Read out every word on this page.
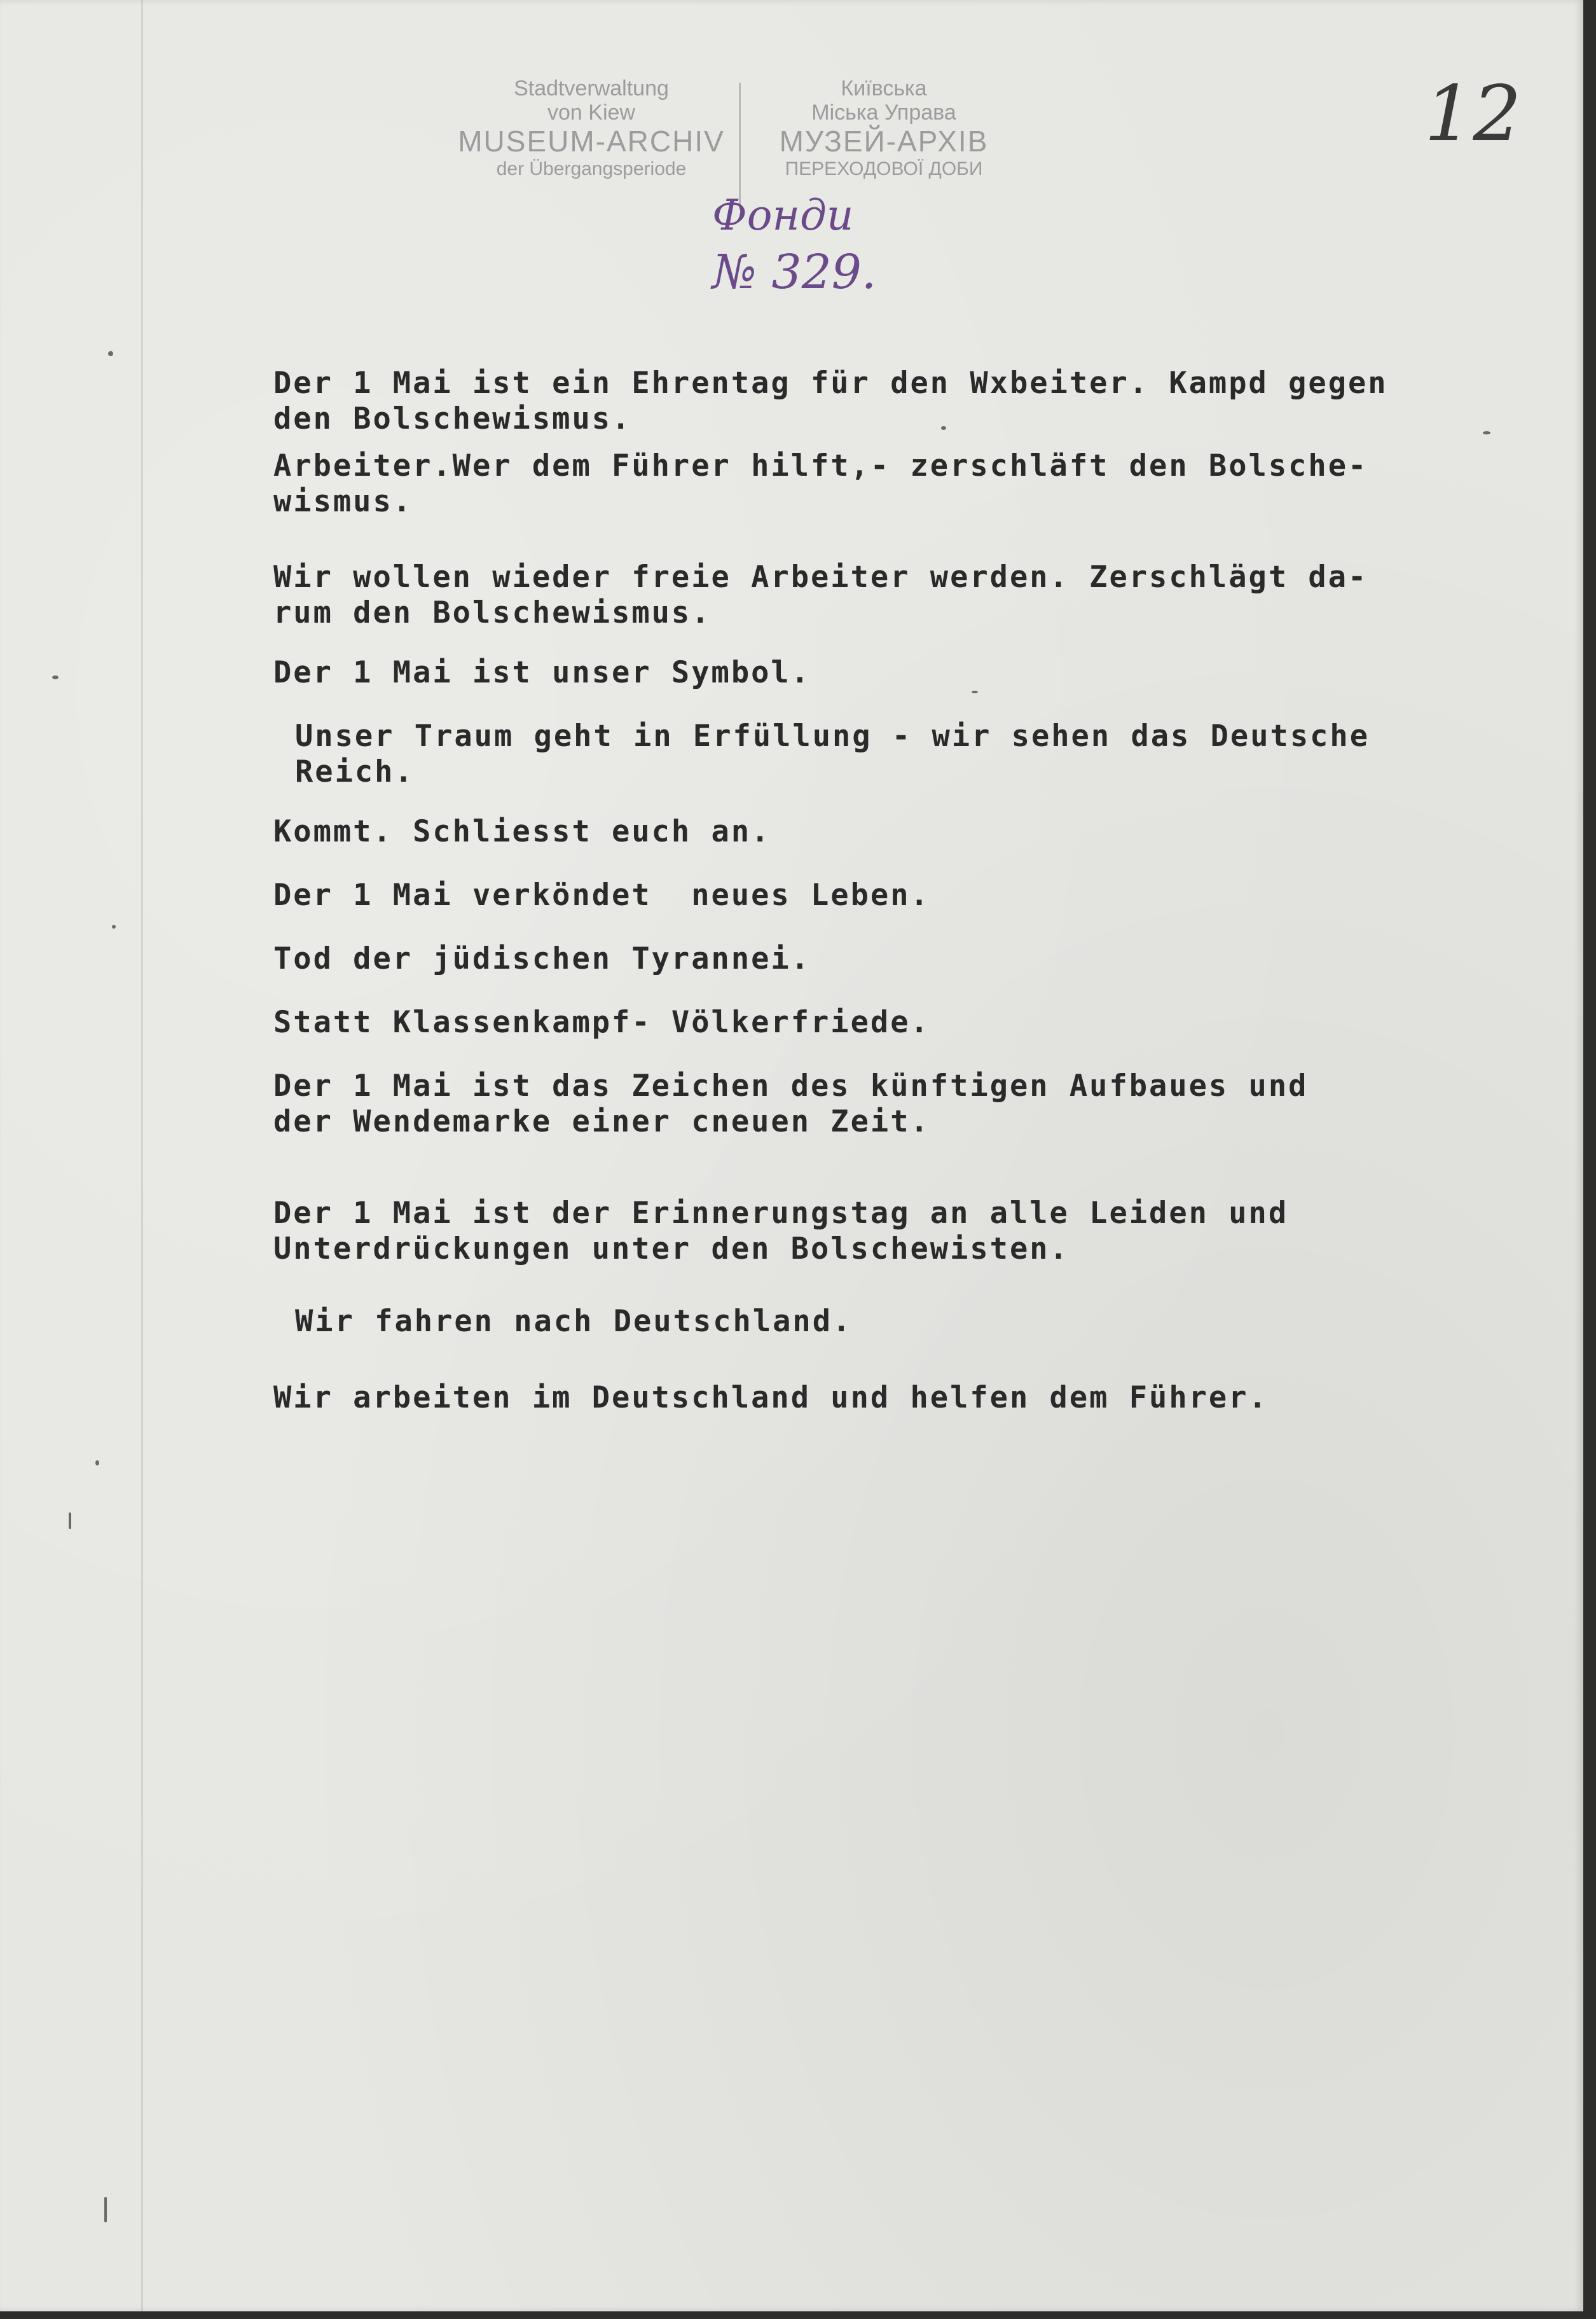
Stadtverwaltung
von Kiew
MUSEUM-ARCHIV
der Übergangsperiode
Київська
Міська Управа
МУЗЕЙ-АРХІВ
ПЕРЕХОДОВОЇ ДОБИ
Фонди
№ 329.
12
Der 1 Mai ist ein Ehrentag für den Wxbeiter. Kampd gegen
den Bolschewismus.
Arbeiter.Wer dem Führer hilft,- zerschläft den Bolsche-
wismus.
Wir wollen wieder freie Arbeiter werden. Zerschlägt da-
rum den Bolschewismus.
Der 1 Mai ist unser Symbol.
Unser Traum geht in Erfüllung - wir sehen das Deutsche
Reich.
Kommt. Schliesst euch an.
Der 1 Mai verköndet  neues Leben.
Tod der jüdischen Tyrannei.
Statt Klassenkampf- Völkerfriede.
Der 1 Mai ist das Zeichen des künftigen Aufbaues und
der Wendemarke einer cneuen Zeit.
Der 1 Mai ist der Erinnerungstag an alle Leiden und
Unterdrückungen unter den Bolschewisten.
Wir fahren nach Deutschland.
Wir arbeiten im Deutschland und helfen dem Führer.
